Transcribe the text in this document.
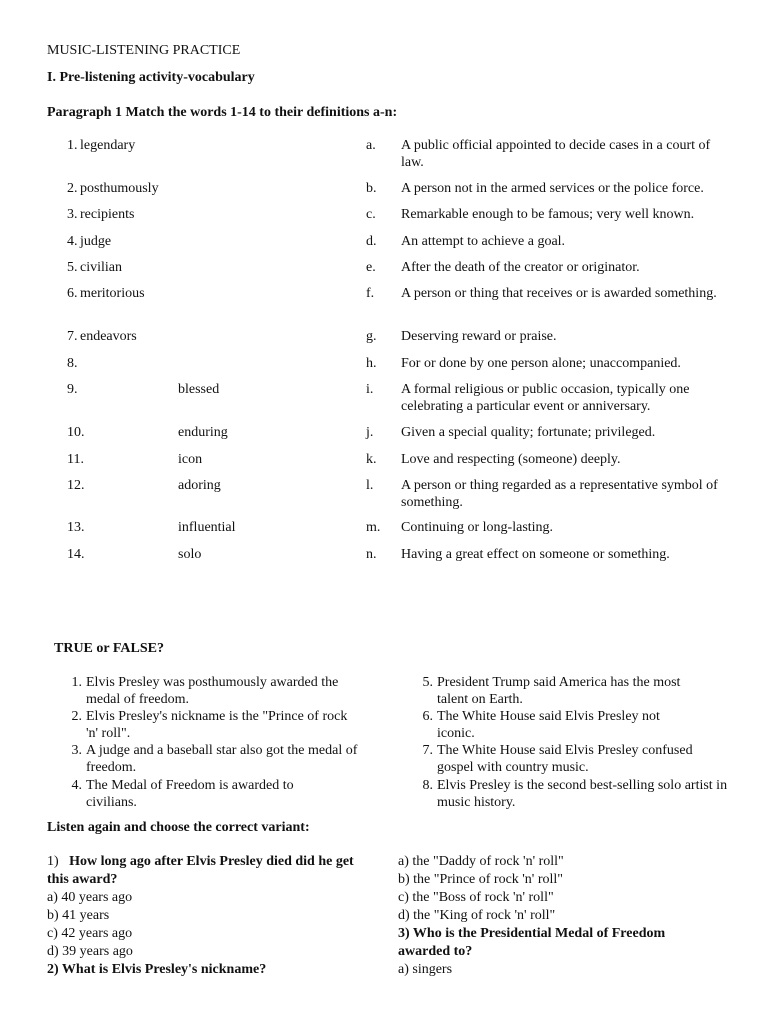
MUSIC-LISTENING PRACTICE
I. Pre-listening activity-vocabulary
Paragraph 1 Match the words 1-14 to their definitions a-n:
1. legendary	a. A public official appointed to decide cases in a court of law.
2. posthumously	b. A person not in the armed services or the police force.
3. recipients	c. Remarkable enough to be famous; very well known.
4. judge	d. An attempt to achieve a goal.
5. civilian	e. After the death of the creator or originator.
6. meritorious	f. A person or thing that receives or is awarded something.
7. endeavors	g. Deserving reward or praise.
8.	h. For or done by one person alone; unaccompanied.
9.	blessed	i. A formal religious or public occasion, typically one celebrating a particular event or anniversary.
10.	enduring	j. Given a special quality; fortunate; privileged.
11.	icon	k. Love and respecting (someone) deeply.
12.	adoring	l. A person or thing regarded as a representative symbol of something.
13.	influential	m. Continuing or long-lasting.
14.	solo	n. Having a great effect on someone or something.
TRUE or FALSE?
1. Elvis Presley was posthumously awarded the medal of freedom.
2. Elvis Presley's nickname is the "Prince of rock 'n' roll".
3. A judge and a baseball star also got the medal of freedom.
4. The Medal of Freedom is awarded to civilians.
5. President Trump said America has the most talent on Earth.
6. The White House said Elvis Presley not iconic.
7. The White House said Elvis Presley confused gospel with country music.
8. Elvis Presley is the second best-selling solo artist in music history.
Listen again and choose the correct variant:
1) How long ago after Elvis Presley died did he get this award?
a) 40 years ago
b) 41 years
c) 42 years ago
d) 39 years ago
2) What is Elvis Presley's nickname?
a) the "Daddy of rock 'n' roll"
b) the "Prince of rock 'n' roll"
c) the "Boss of rock 'n' roll"
d) the "King of rock 'n' roll"
3) Who is the Presidential Medal of Freedom awarded to?
a) singers
